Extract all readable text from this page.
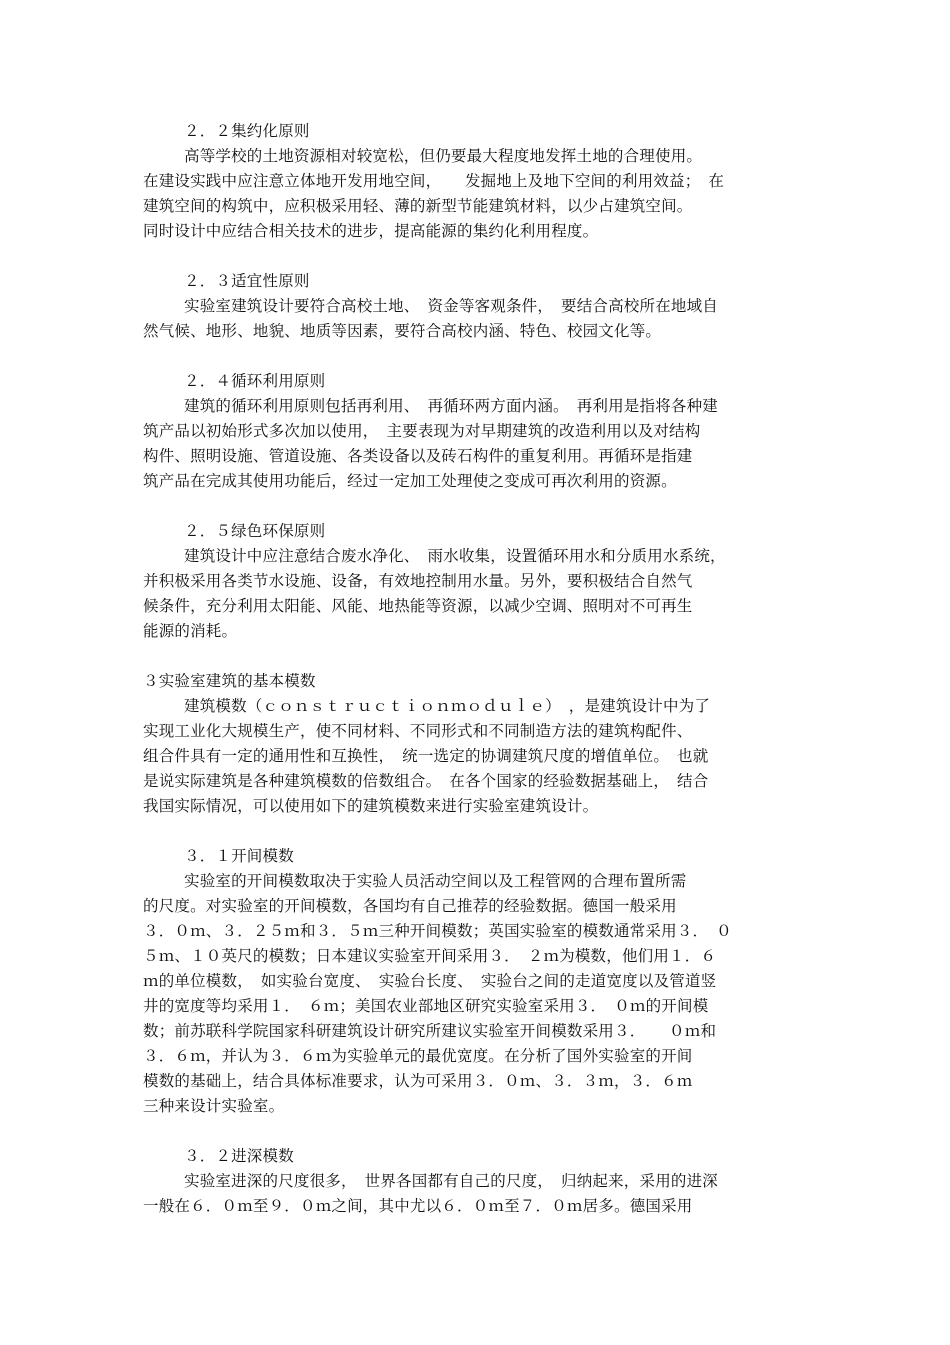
２．２集约化原则
高等学校的土地资源相对较宽松，但仍要最大程度地发挥土地的合理使用。
在建设实践中应注意立体地开发用地空间，　　发掘地上及地下空间的利用效益；　在
建筑空间的构筑中，应积极采用轻、薄的新型节能建筑材料，以少占建筑空间。
同时设计中应结合相关技术的进步，提高能源的集约化利用程度。
２．３适宜性原则
实验室建筑设计要符合高校土地、　资金等客观条件，　要结合高校所在地域自
然气候、地形、地貌、地质等因素，要符合高校内涵、特色、校园文化等。
２．４循环利用原则
建筑的循环利用原则包括再利用、　再循环两方面内涵。　再利用是指将各种建
筑产品以初始形式多次加以使用，　主要表现为对早期建筑的改造利用以及对结构
构件、照明设施、管道设施、各类设备以及砖石构件的重复利用。再循环是指建
筑产品在完成其使用功能后，经过一定加工处理使之变成可再次利用的资源。
２．５绿色环保原则
建筑设计中应注意结合废水净化、　雨水收集，设置循环用水和分质用水系统，
并积极采用各类节水设施、设备，有效地控制用水量。另外，要积极结合自然气
候条件，充分利用太阳能、风能、地热能等资源，以减少空调、照明对不可再生
能源的消耗。
３实验室建筑的基本模数
建筑模数（ｃｏｎｓｔｒｕｃｔｉｏｎｍｏｄｕｌｅ）　，是建筑设计中为了
实现工业化大规模生产，使不同材料、不同形式和不同制造方法的建筑构配件、
组合件具有一定的通用性和互换性，　统一选定的协调建筑尺度的增值单位。　也就
是说实际建筑是各种建筑模数的倍数组合。　在各个国家的经验数据基础上，　结合
我国实际情况，可以使用如下的建筑模数来进行实验室建筑设计。
３．１开间模数
实验室的开间模数取决于实验人员活动空间以及工程管网的合理布置所需
的尺度。对实验室的开间模数，各国均有自己推荐的经验数据。德国一般采用
３．０ｍ、３．２５ｍ和３．５ｍ三种开间模数；英国实验室的模数通常采用３．　０
５ｍ、１０英尺的模数；日本建议实验室开间采用３．　２ｍ为模数，他们用１．６
ｍ的单位模数，　如实验台宽度、　实验台长度、　实验台之间的走道宽度以及管道竖
井的宽度等均采用１．　６ｍ；美国农业部地区研究实验室采用３．　０ｍ的开间模
数；前苏联科学院国家科研建筑设计研究所建议实验室开间模数采用３．　　０ｍ和
３．６ｍ，并认为３．６ｍ为实验单元的最优宽度。在分析了国外实验室的开间
模数的基础上，结合具体标准要求，认为可采用３．０ｍ、３．３ｍ，３．６ｍ
三种来设计实验室。
３．２进深模数
实验室进深的尺度很多，　世界各国都有自己的尺度，　归纳起来，采用的进深
一般在６．０ｍ至９．０ｍ之间，其中尤以６．０ｍ至７．０ｍ居多。德国采用
